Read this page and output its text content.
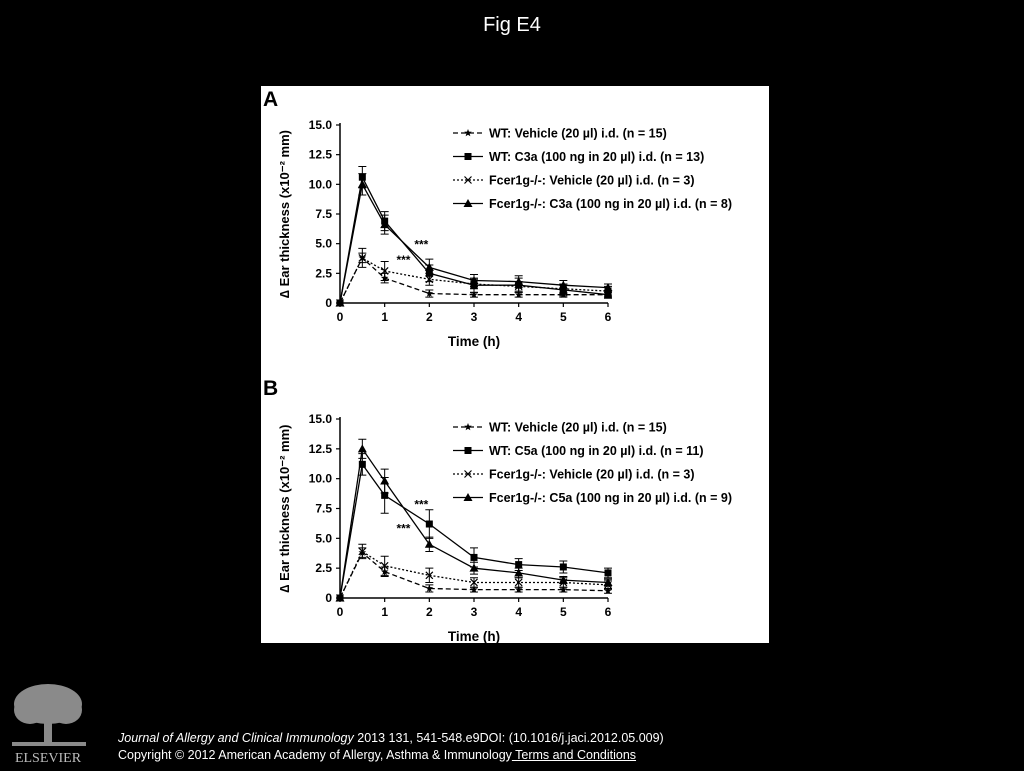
Fig E4
A
0
2.5
5.0
7.5
10.0
12.5
15.0
0	1	2	3	4	5	6
Time (h)
∆ Ear thickness (x10⁻² mm)	***
***
WT: Vehicle (20 µl) i.d. (n = 15)
WT: C3a (100 ng in 20 µl) i.d. (n = 13)
Fcer1g-/-: Vehicle (20 µl) i.d. (n = 3)
Fcer1g-/-: C3a (100 ng in 20 µl) i.d. (n = 8)
B
0
2.5
5.0
7.5
10.0
12.5
15.0
0	1	2	3	4	5	6
Time (h)
∆ Ear thickness (x10⁻² mm)	***
***
WT: Vehicle (20 µl) i.d. (n = 15)
WT: C5a (100 ng in 20 µl) i.d. (n = 11)
Fcer1g-/-: Vehicle (20 µl) i.d. (n = 3)
Fcer1g-/-: C5a (100 ng in 20 µl) i.d. (n = 9)
ELSEVIER
Journal of Allergy and Clinical Immunology 2013 131, 541-548.e9DOI: (10.1016/j.jaci.2012.05.009)
Copyright © 2012 American Academy of Allergy, Asthma & Immunology Terms and Conditions
